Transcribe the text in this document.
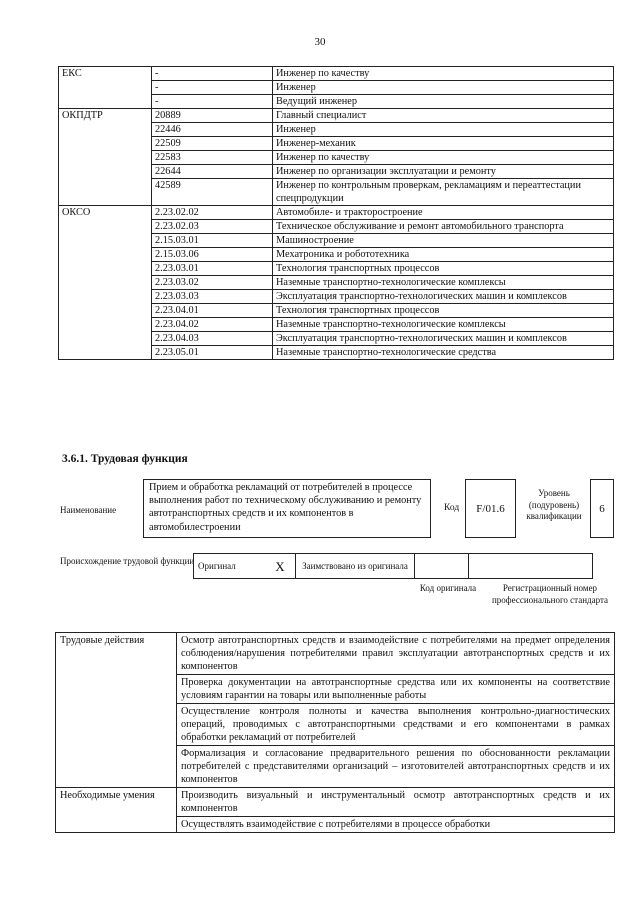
30
ЕКС	-	Инженер по качеству
	-	Инженер
	-	Ведущий инженер
ОКПДТР	20889	Главный специалист
	22446	Инженер
	22509	Инженер-механик
	22583	Инженер по качеству
	22644	Инженер по организации эксплуатации и ремонту
	42589	Инженер по контрольным проверкам, рекламациям и переаттестации спецпродукции
ОКСО	2.23.02.02	Автомобиле- и тракторостроение
	2.23.02.03	Техническое обслуживание и ремонт автомобильного транспорта
	2.15.03.01	Машиностроение
	2.15.03.06	Мехатроника и робототехника
	2.23.03.01	Технология транспортных процессов
	2.23.03.02	Наземные транспортно-технологические комплексы
	2.23.03.03	Эксплуатация транспортно-технологических машин и комплексов
	2.23.04.01	Технология транспортных процессов
	2.23.04.02	Наземные транспортно-технологические комплексы
	2.23.04.03	Эксплуатация транспортно-технологических машин и комплексов
	2.23.05.01	Наземные транспортно-технологические средства
3.6.1. Трудовая функция
Наименование
Прием и обработка рекламаций от потребителей в процессе выполнения работ по техническому обслуживанию и ремонту автотранспортных средств и их компонентов в автомобилестроении
Код	F/01.6
Уровень (подуровень) квалификации
6
Происхождение трудовой функции Оригинал	X	Заимствовано из оригинала		
Код оригинала	Регистрационный номер профессионального стандарта
Трудовые действия	Осмотр автотранспортных средств и взаимодействие с потребителями на предмет определения соблюдения/нарушения потребителями правил эксплуатации автотранспортных средств и их компонентов
	Проверка документации на автотранспортные средства или их компоненты на соответствие условиям гарантии на товары или выполненные работы
	Осуществление контроля полноты и качества выполнения контрольно-диагностических операций, проводимых с автотранспортными средствами и его компонентами в рамках обработки рекламаций от потребителей
	Формализация и согласование предварительного решения по обоснованности рекламации потребителей с представителями организаций – изготовителей автотранспортных средств и их компонентов
Необходимые умения	Производить визуальный и инструментальный осмотр автотранспортных средств и их компонентов
	Осуществлять взаимодействие с потребителями в процессе обработки
